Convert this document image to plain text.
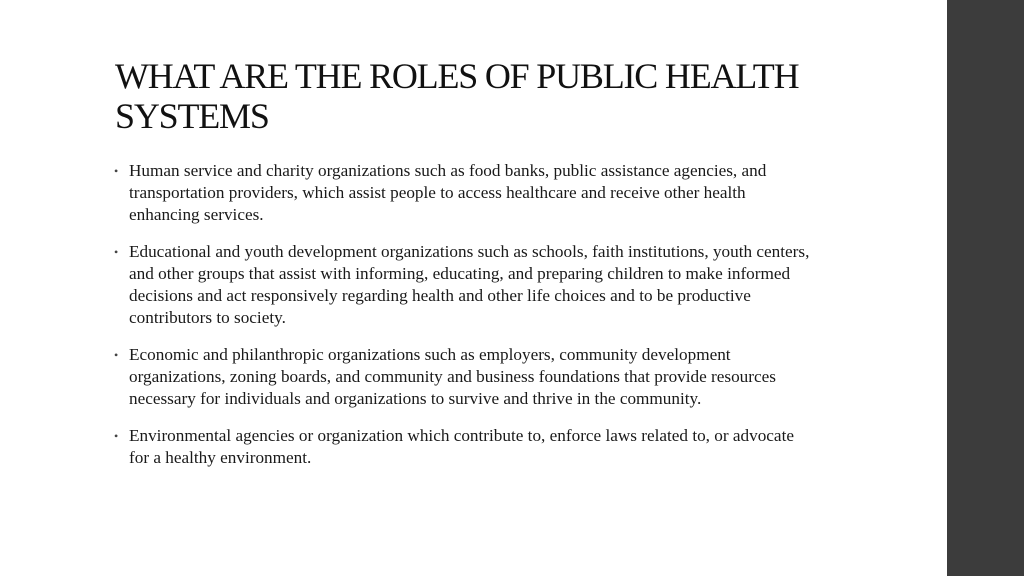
WHAT ARE THE ROLES OF PUBLIC HEALTH SYSTEMS
• Human service and charity organizations such as food banks, public assistance agencies, and transportation providers, which assist people to access healthcare and receive other health enhancing services.
• Educational and youth development organizations such as schools, faith institutions, youth centers, and other groups that assist with informing, educating, and preparing children to make informed decisions and act responsively regarding health and other life choices and to be productive contributors to society.
• Economic and philanthropic organizations such as employers, community development organizations, zoning boards, and community and business foundations that provide resources necessary for individuals and organizations to survive and thrive in the community.
• Environmental agencies or organization which contribute to, enforce laws related to, or advocate for a healthy environment.
